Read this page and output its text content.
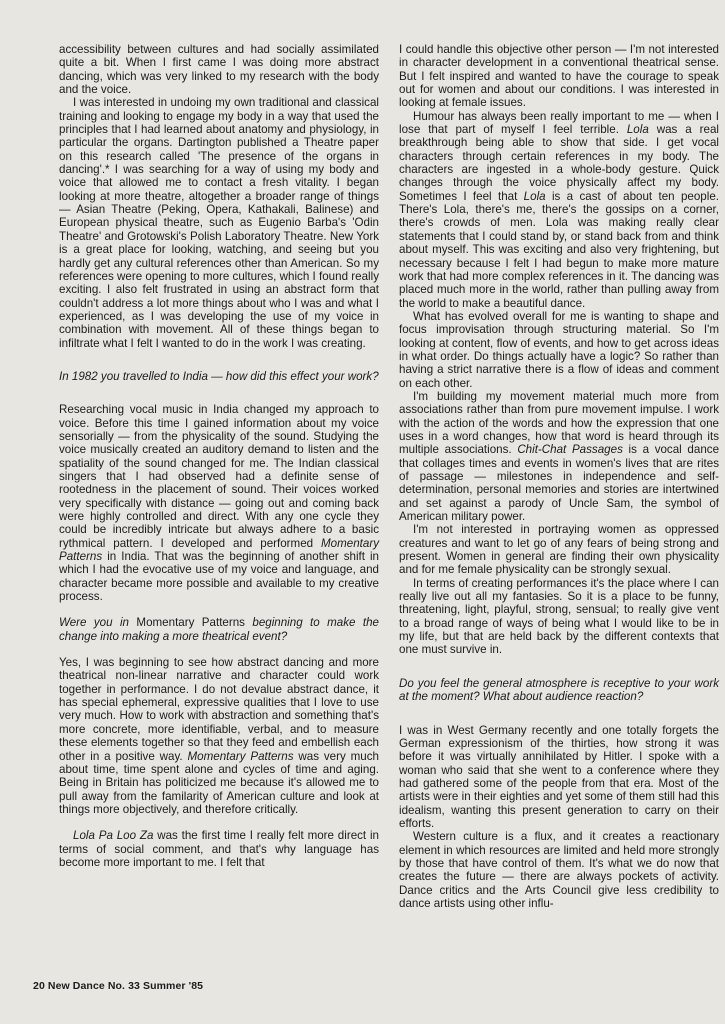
accessibility between cultures and had socially assimilated quite a bit. When I first came I was doing more abstract dancing, which was very linked to my research with the body and the voice.

I was interested in undoing my own traditional and classical training and looking to engage my body in a way that used the principles that I had learned about anatomy and physiology, in particular the organs. Dartington published a Theatre paper on this research called 'The presence of the organs in dancing'.* I was searching for a way of using my body and voice that allowed me to contact a fresh vitality. I began looking at more theatre, altogether a broader range of things — Asian Theatre (Peking, Opera, Kathakali, Balinese) and European physical theatre, such as Eugenio Barba's 'Odin Theatre' and Grotowski's Polish Laboratory Theatre. New York is a great place for looking, watching, and seeing but you hardly get any cultural references other than American. So my references were opening to more cultures, which I found really exciting. I also felt frustrated in using an abstract form that couldn't address a lot more things about who I was and what I experienced, as I was developing the use of my voice in combination with movement. All of these things began to infiltrate what I felt I wanted to do in the work I was creating.

In 1982 you travelled to India — how did this effect your work?

Researching vocal music in India changed my approach to voice. Before this time I gained information about my voice sensorially — from the physicality of the sound. Studying the voice musically created an auditory demand to listen and the spatiality of the sound changed for me. The Indian classical singers that I had observed had a definite sense of rootedness in the placement of sound. Their voices worked very specifically with distance — going out and coming back were highly controlled and direct. With any one cycle they could be incredibly intricate but always adhere to a basic rythmical pattern. I developed and performed Momentary Patterns in India. That was the beginning of another shift in which I had the evocative use of my voice and language, and character became more possible and available to my creative process.

Were you in Momentary Patterns beginning to make the change into making a more theatrical event?

Yes, I was beginning to see how abstract dancing and more theatrical non-linear narrative and character could work together in performance. I do not devalue abstract dance, it has special ephemeral, expressive qualities that I love to use very much. How to work with abstraction and something that's more concrete, more identifiable, verbal, and to measure these elements together so that they feed and embellish each other in a positive way. Momentary Patterns was very much about time, time spent alone and cycles of time and aging. Being in Britain has politicized me because it's allowed me to pull away from the familarity of American culture and look at things more objectively, and therefore critically.

Lola Pa Loo Za was the first time I really felt more direct in terms of social comment, and that's why language has become more important to me. I felt that

I could handle this objective other person — I'm not interested in character development in a conventional theatrical sense. But I felt inspired and wanted to have the courage to speak out for women and about our conditions. I was interested in looking at female issues.

Humour has always been really important to me — when I lose that part of myself I feel terrible. Lola was a real breakthrough being able to show that side. I get vocal characters through certain references in my body. The characters are ingested in a whole-body gesture. Quick changes through the voice physically affect my body. Sometimes I feel that Lola is a cast of about ten people. There's Lola, there's me, there's the gossips on a corner, there's crowds of men. Lola was making really clear statements that I could stand by, or stand back from and think about myself. This was exciting and also very frightening, but necessary because I felt I had begun to make more mature work that had more complex references in it. The dancing was placed much more in the world, rather than pulling away from the world to make a beautiful dance.

What has evolved overall for me is wanting to shape and focus improvisation through structuring material. So I'm looking at content, flow of events, and how to get across ideas in what order. Do things actually have a logic? So rather than having a strict narrative there is a flow of ideas and comment on each other.

I'm building my movement material much more from associations rather than from pure movement impulse. I work with the action of the words and how the expression that one uses in a word changes, how that word is heard through its multiple associations. Chit-Chat Passages is a vocal dance that collages times and events in women's lives that are rites of passage — milestones in independence and self-determination, personal memories and stories are intertwined and set against a parody of Uncle Sam, the symbol of American military power.

I'm not interested in portraying women as oppressed creatures and want to let go of any fears of being strong and present. Women in general are finding their own physicality and for me female physicality can be strongly sexual.

In terms of creating performances it's the place where I can really live out all my fantasies. So it is a place to be funny, threatening, light, playful, strong, sensual; to really give vent to a broad range of ways of being what I would like to be in my life, but that are held back by the different contexts that one must survive in.

Do you feel the general atmosphere is receptive to your work at the moment? What about audience reaction?

I was in West Germany recently and one totally forgets the German expressionism of the thirties, how strong it was before it was virtually annihilated by Hitler. I spoke with a woman who said that she went to a conference where they had gathered some of the people from that era. Most of the artists were in their eighties and yet some of them still had this idealism, wanting this present generation to carry on their efforts.

Western culture is a flux, and it creates a reactionary element in which resources are limited and held more strongly by those that have control of them. It's what we do now that creates the future — there are always pockets of activity. Dance critics and the Arts Council give less credibility to dance artists using other influ-

20 New Dance No. 33 Summer '85
